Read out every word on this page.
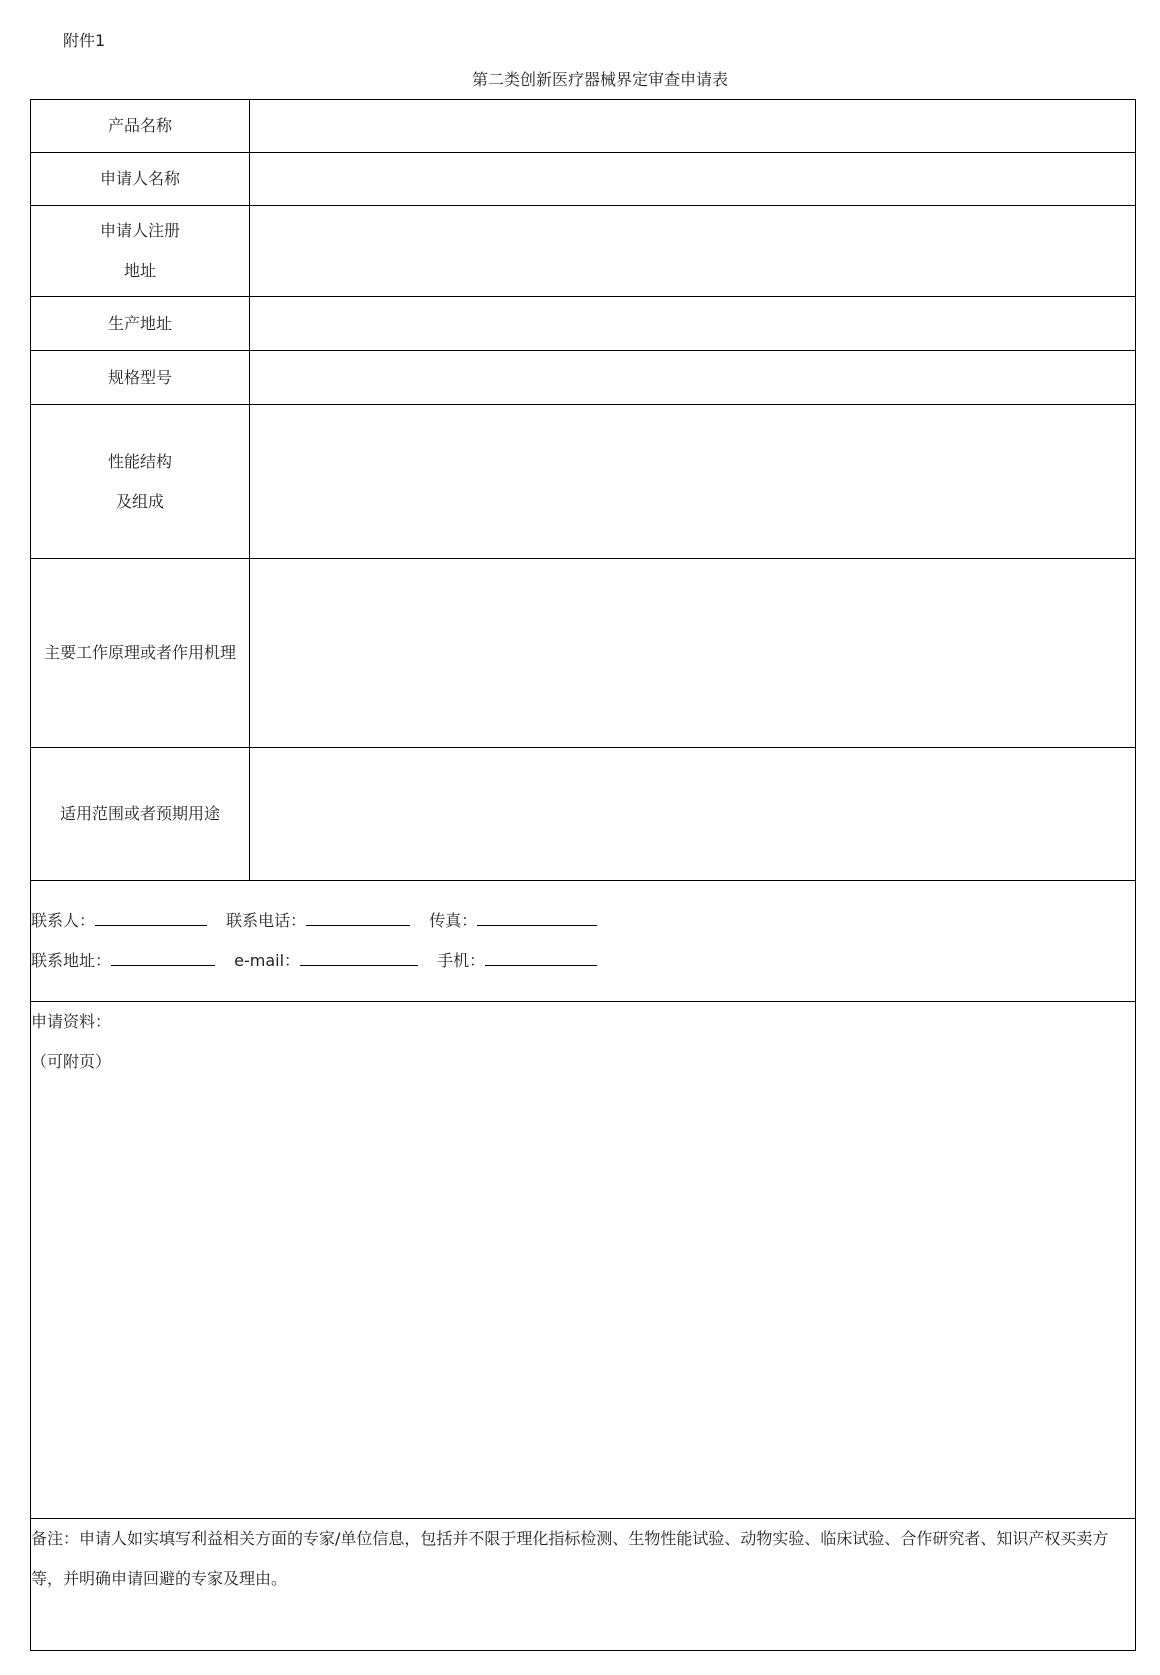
附件1
第二类创新医疗器械界定审查申请表
产品名称	
申请人名称	

申请人注册
地址	

生产地址	
规格型号	

性能结构
及组成	

主要工作原理或者作用机理	
适用范围或者预期用途	

联系人： 联系电话： 传真：
联系地址： e-mail： 手机：	

申请资料：
（可附页）	

备注：申请人如实填写利益相关方面的专家/单位信息，包括并不限于理化指标检测、生物性能试验、动物实验、临床试验、合作研究者、知识产权买卖方
等，并明确申请回避的专家及理由。	
